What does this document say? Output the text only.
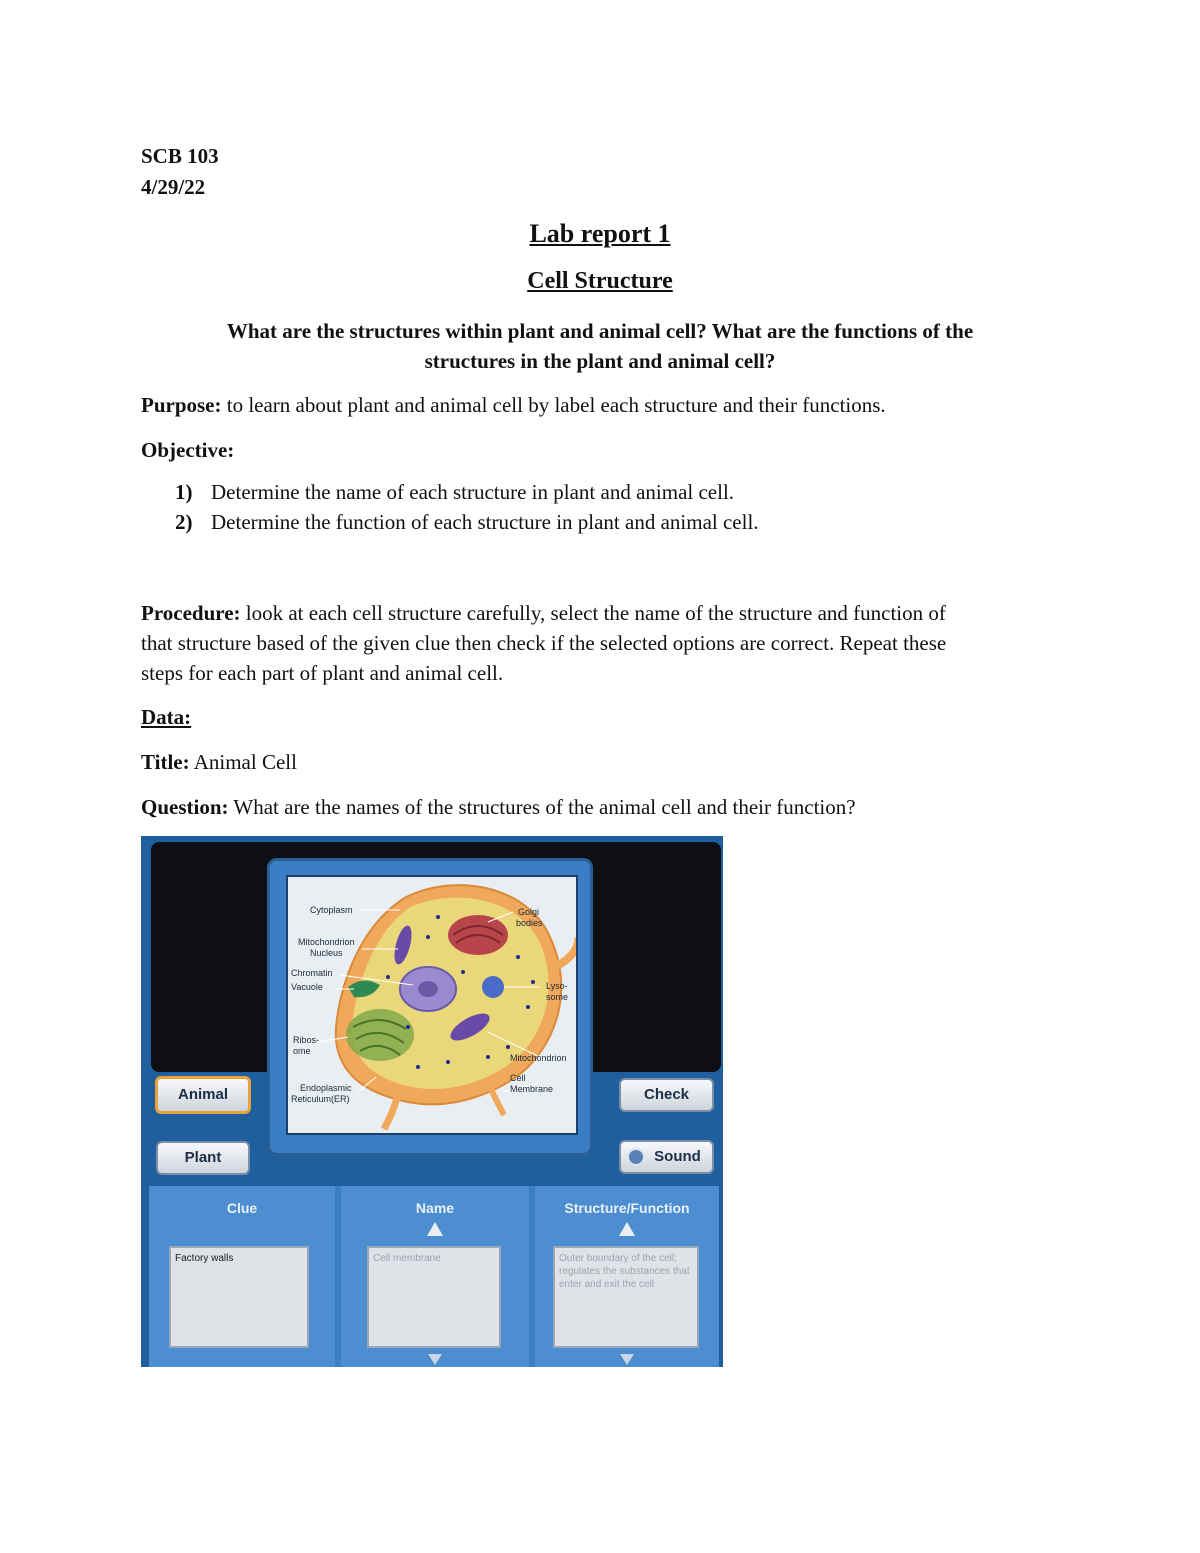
SCB 103
4/29/22
Lab report 1
Cell Structure
What are the structures within plant and animal cell? What are the functions of the
structures in the plant and animal cell?
Purpose: to learn about plant and animal cell by label each structure and their functions.
Objective:
1) Determine the name of each structure in plant and animal cell.
2) Determine the function of each structure in plant and animal cell.
Procedure: look at each cell structure carefully, select the name of the structure and function of
that structure based of the given clue then check if the selected options are correct. Repeat these
steps for each part of plant and animal cell.
Data:
Title: Animal Cell
Question: What are the names of the structures of the animal cell and their function?
Cytoplasm	Golgi
bodies
Mitochondrion
Nucleus
Chromatin
Vacuole	Lyso-
some
Ribos-
ome
Mitochondrion
Cell
Membrane
Endoplasmic
Reticulum(ER)
Animal
Plant
Check
Sound
Clue
Factory walls
Name
Cell membrane
Structure/Function
Outer boundary of the cell; regulates the substances that enter and exit the cell
